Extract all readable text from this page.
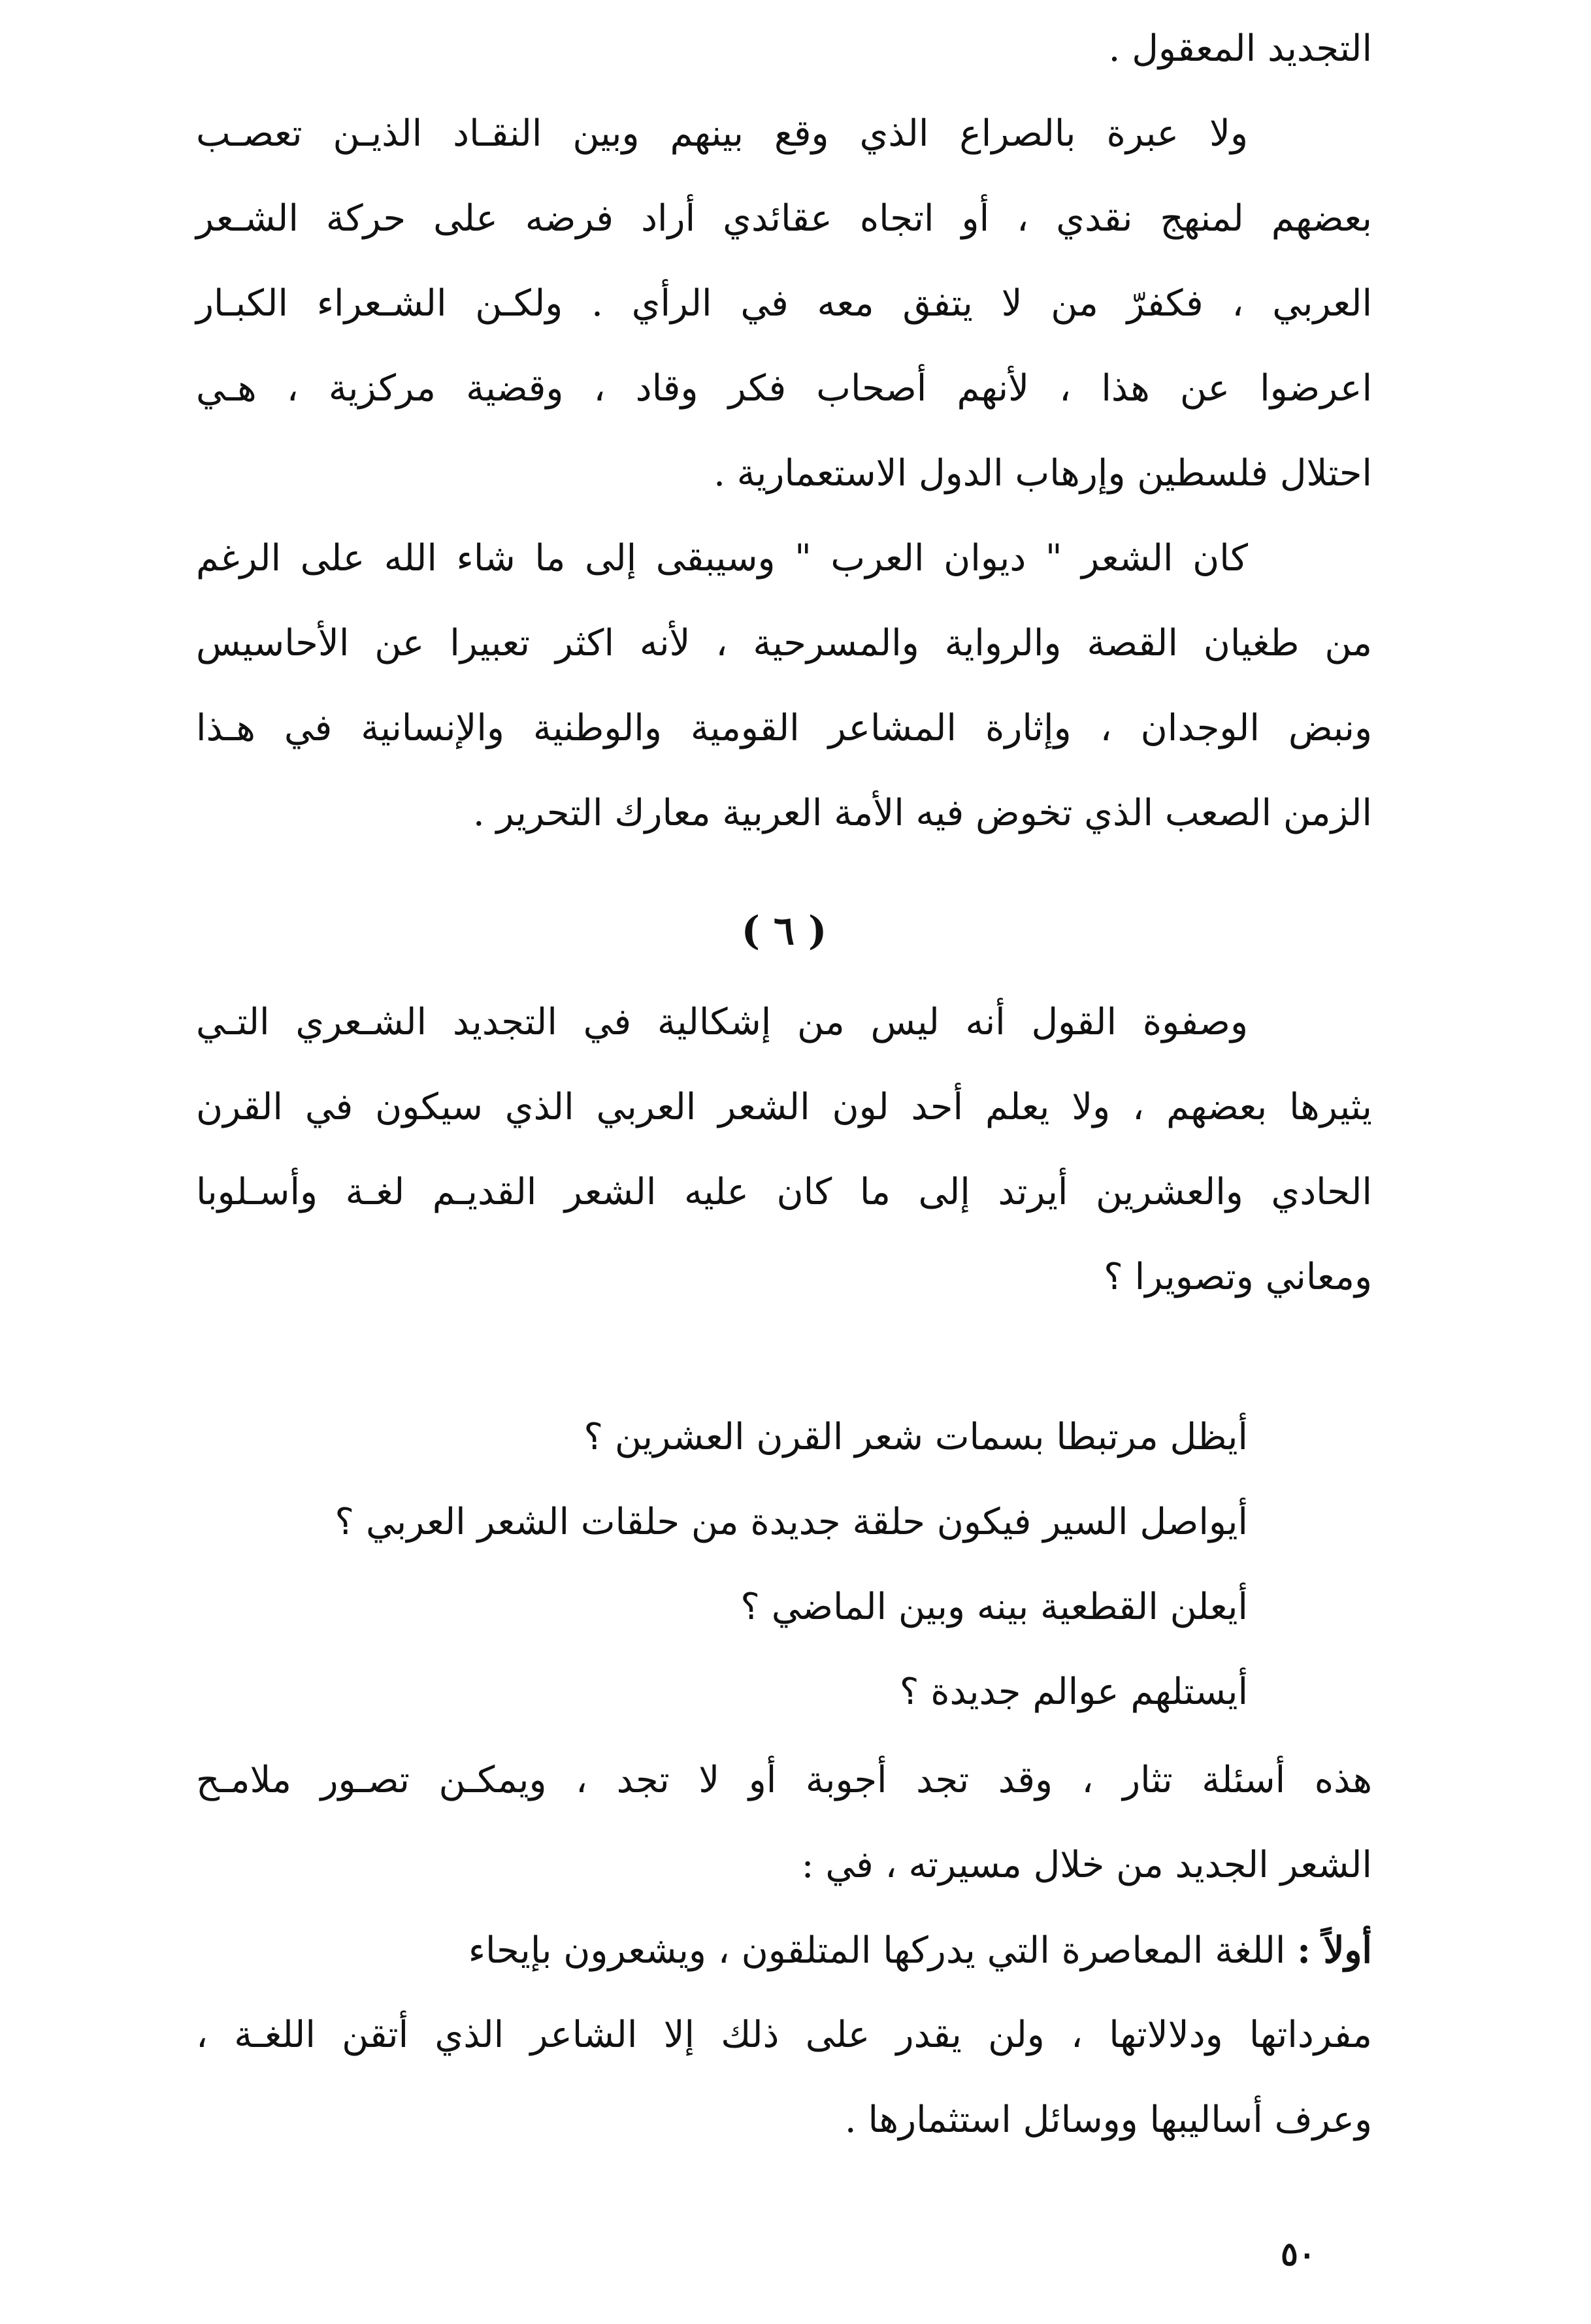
التجديد المعقول .
ولا عبرة بالصراع الذي وقع بينهم وبين النقـاد الذيـن تعصـب
بعضهم لمنهج نقدي ، أو اتجاه عقائدي أراد فرضه على حركة الشـعر
العربي ، فكفرّ من لا يتفق معه في الرأي . ولكـن الشـعراء الكبـار
اعرضوا عن هذا ، لأنهم أصحاب فكر وقاد ، وقضية مركزية ، هـي
احتلال فلسطين وإرهاب الدول الاستعمارية .
كان الشعر " ديوان العرب " وسيبقى إلى ما شاء الله على الرغم
من طغيان القصة والرواية والمسرحية ، لأنه اكثر تعبيرا عن الأحاسيس
ونبض الوجدان ، وإثارة المشاعر القومية والوطنية والإنسانية في هـذا
الزمن الصعب الذي تخوض فيه الأمة العربية معارك التحرير .
( ٦ )
وصفوة القول أنه ليس من إشكالية في التجديد الشـعري التـي
يثيرها بعضهم ، ولا يعلم أحد لون الشعر العربي الذي سيكون في القرن
الحادي والعشرين أيرتد إلى ما كان عليه الشعر القديـم لغـة وأسـلوبا
ومعاني وتصويرا ؟
أيظل مرتبطا بسمات شعر القرن العشرين ؟
أيواصل السير فيكون حلقة جديدة من حلقات الشعر العربي ؟
أيعلن القطعية بينه وبين الماضي ؟
أيستلهم عوالم جديدة ؟
هذه أسئلة تثار ، وقد تجد أجوبة أو لا تجد ، ويمكـن تصـور ملامـح
الشعر الجديد من خلال مسيرته ، في :
أولاً : اللغة المعاصرة التي يدركها المتلقون ، ويشعرون بإيحاء
مفرداتها ودلالاتها ، ولن يقدر على ذلك إلا الشاعر الذي أتقن اللغـة ،
وعرف أساليبها ووسائل استثمارها .
٥٠
